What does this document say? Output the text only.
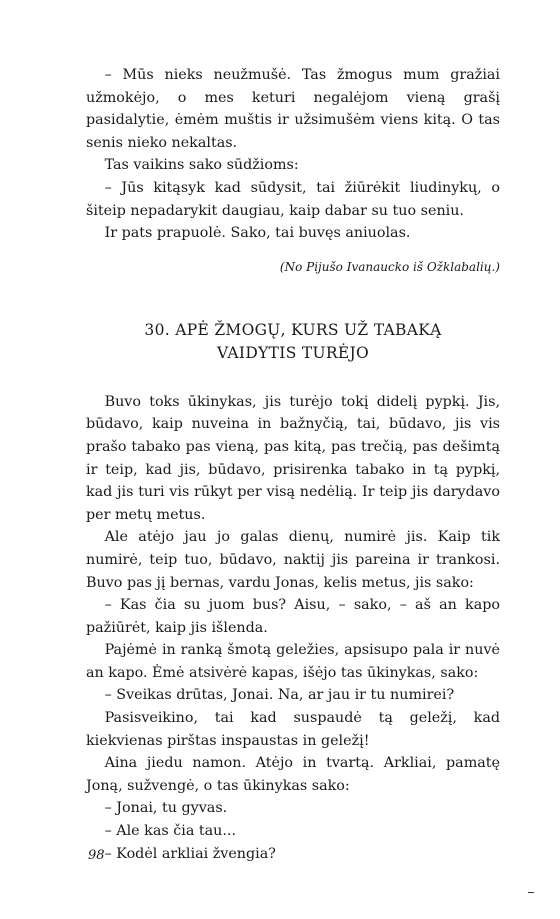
– Mūs nieks neužmušė. Tas žmogus mum gražiai užmokėjo, o mes keturi negalėjom vieną grašį pasidalytie, ėmėm muštis ir užsimušėm viens kitą. O tas senis nieko nekaltas.

Tas vaikins sako sūdžioms:

– Jūs kitąsyk kad sūdysit, tai žiūrėkit liudinykų, o šiteip nepadarykit daugiau, kaip dabar su tuo seniu.

Ir pats prapuolė. Sako, tai buvęs aniuolas.

(No Pijušo Ivanaucko iš Ožklabalių.)

30. APĖ ŽMOGŲ, KURS UŽ TABAKĄ
VAIDYTIS TURĖJO

Buvo toks ūkinykas, jis turėjo tokį didelį pypkį. Jis, būdavo, kaip nuveina in bažnyčią, tai, būdavo, jis vis prašo tabako pas vieną, pas kitą, pas trečią, pas dešimtą ir teip, kad jis, būdavo, prisirenka tabako in tą pypkį, kad jis turi vis rūkyt per visą nedėlią. Ir teip jis darydavo per metų metus.

Ale atėjo jau jo galas dienų, numirė jis. Kaip tik numirė, teip tuo, būdavo, naktij jis pareina ir trankosi. Buvo pas jį bernas, vardu Jonas, kelis metus, jis sako:

– Kas čia su juom bus? Aisu, – sako, – aš an kapo pažiūrėt, kaip jis išlenda.

Pajėmė in ranką šmotą geležies, apsisupo pala ir nuvė an kapo. Ėmė atsivėrė kapas, išėjo tas ūkinykas, sako:

– Sveikas drūtas, Jonai. Na, ar jau ir tu numirei?

Pasisveikino, tai kad suspaudė tą geležį, kad kiekvienas pirštas inspaustas in geležį!

Aina jiedu namon. Atėjo in tvartą. Arkliai, pamatę Joną, sužvengė, o tas ūkinykas sako:

– Jonai, tu gyvas.

– Ale kas čia tau...

– Kodėl arkliai žvengia?

98
